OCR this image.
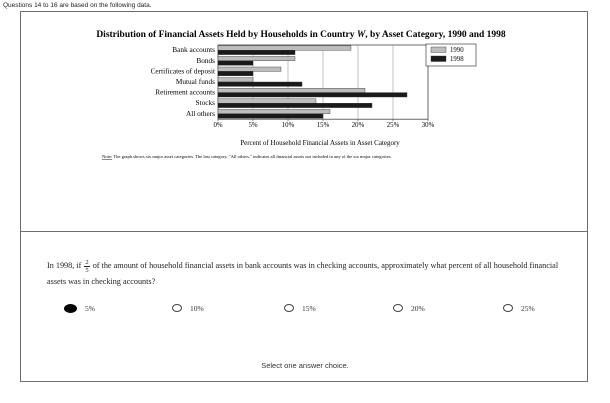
Questions 14 to 16 are based on the following data.
Distribution of Financial Assets Held by Households in Country W, by Asset Category, 1990 and 1998
Bank accounts
Bonds
Certificates of deposit
Mutual funds
Retirement accounts
Stocks
All others
0%	5%	10%	15%	20%	25%	30%
Percent of Household Financial Assets in Asset Category
1990
1998
Note: The graph shows six major asset categories. The last category, "All others," indicates all financial assets not included in any of the six major categories.
In 1998, if $\frac{2}{5}$ of the amount of household financial assets in bank accounts was in checking accounts, approximately what percent of all household financial assets was in checking accounts?
5%	10%	15%	20%	25%
Select one answer choice.
